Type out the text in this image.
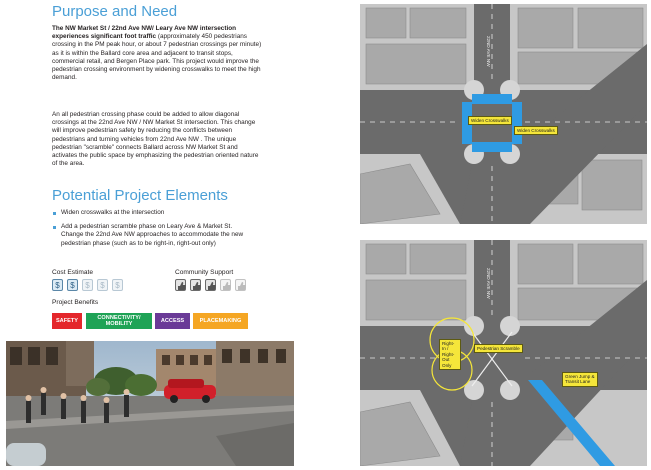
Purpose and Need
The NW Market St / 22nd Ave NW/ Leary Ave NW intersection experiences significant foot traffic (approximately 450 pedestrians crossing in the PM peak hour, or about 7 pedestrian crossings per minute) as it is within the Ballard core area and adjacent to transit stops, commercial retail, and Bergen Place park. This project would improve the pedestrian crossing environment by widening crosswalks to meet the high demand.
An all pedestrian crossing phase could be added to allow diagonal crossings at the 22nd Ave NW / NW Market St intersection. This change will improve pedestrian safety by reducing the conflicts between pedestrians and turning vehicles from 22nd Ave NW . The unique pedestrian "scramble" connects Ballard across NW Market St and activates the public space by emphasizing the pedestrian oriented nature of the area.
Potential Project Elements
Widen crosswalks at the intersection
Add a pedestrian scramble phase on Leary Ave & Market St. Change the 22nd Ave NW approaches to accommodate the new pedestrian phase (such as to be right-in, right-out only)
Cost Estimate
$	$	$	$	$
Community Support
Project Benefits
SAFETY	CONNECTIVITY/ MOBILITY	ACCESS	PLACEMAKING
22ND AVE NW
Widen Crosswalks
Widen Crosswalks
22ND AVE NW
Right-In / Right-Out Only
Pedestrian Scramble
Green Jump & Transit Lane
